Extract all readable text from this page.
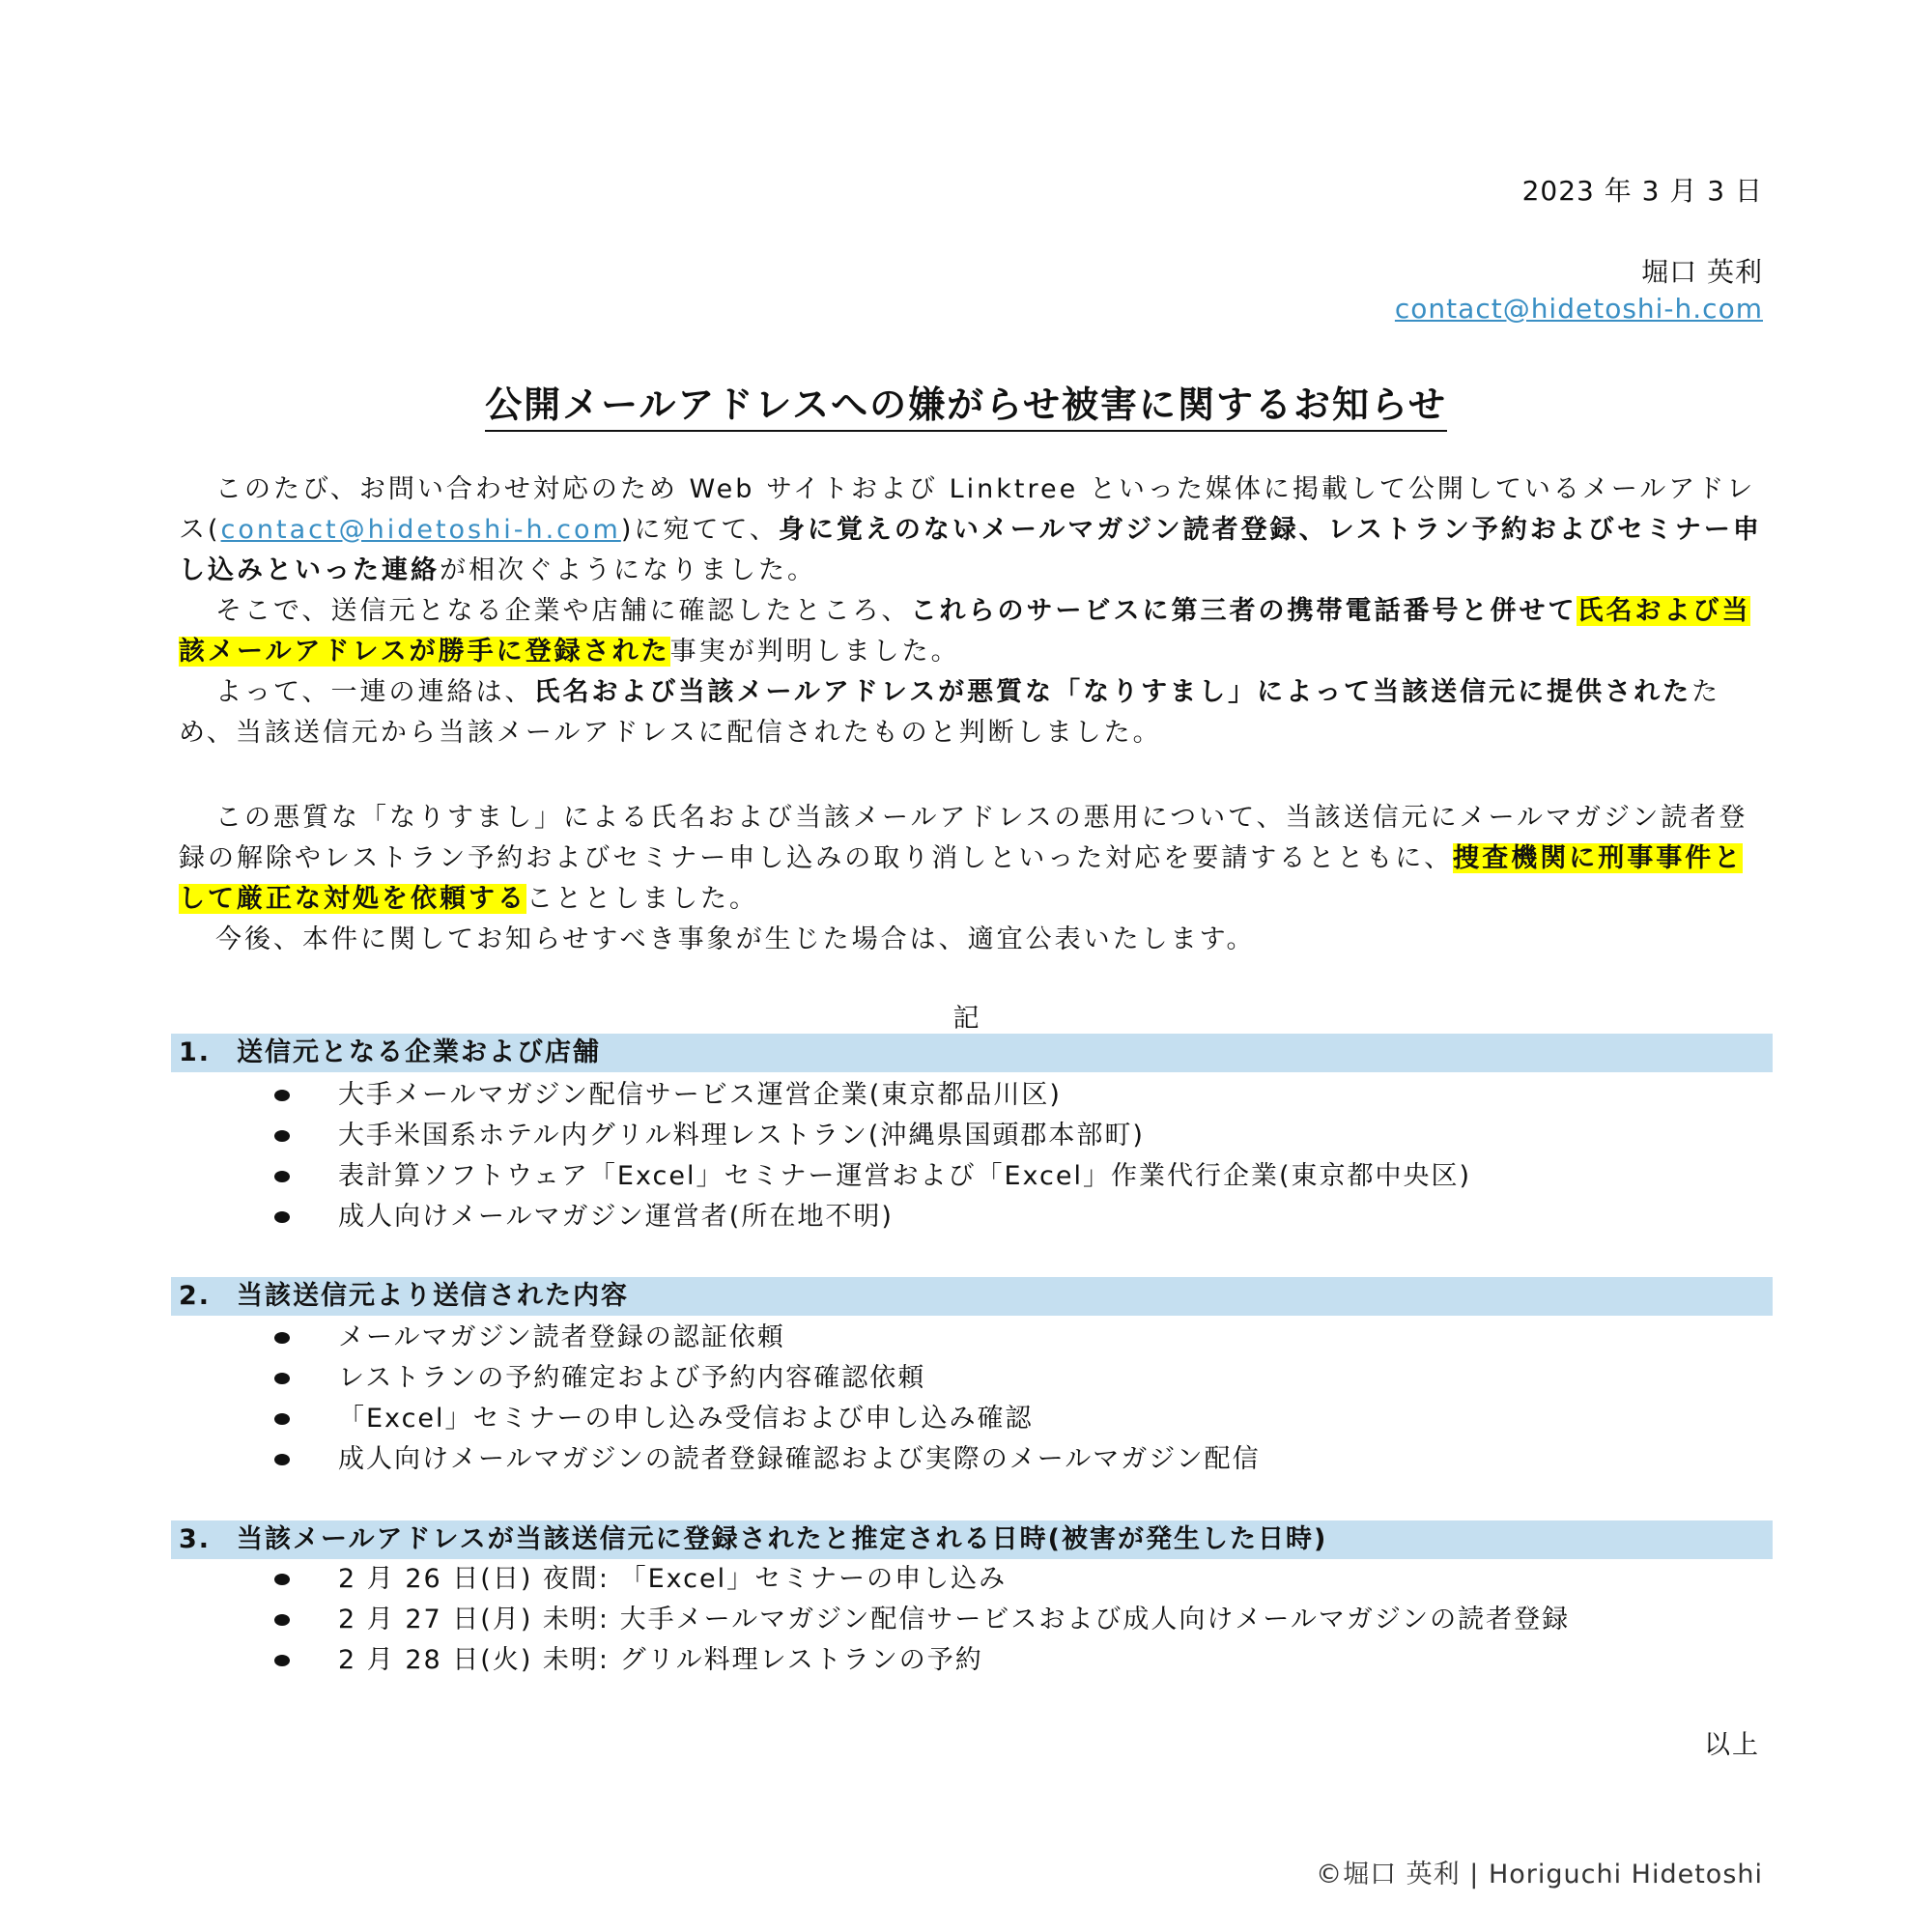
2023 年 3 月 3 日
堀口 英利
contact@hidetoshi-h.com
公開メールアドレスへの嫌がらせ被害に関するお知らせ

このたび、お問い合わせ対応のため Web サイトおよび Linktree といった媒体に掲載して公開しているメールアドレス(contact@hidetoshi-h.com)に宛てて、身に覚えのないメールマガジン読者登録、レストラン予約およびセミナー申し込みといった連絡が相次ぐようになりました。

そこで、送信元となる企業や店舗に確認したところ、これらのサービスに第三者の携帯電話番号と併せて氏名および当該メールアドレスが勝手に登録された事実が判明しました。

よって、一連の連絡は、氏名および当該メールアドレスが悪質な「なりすまし」によって当該送信元に提供されたため、当該送信元から当該メールアドレスに配信されたものと判断しました。

この悪質な「なりすまし」による氏名および当該メールアドレスの悪用について、当該送信元にメールマガジン読者登録の解除やレストラン予約およびセミナー申し込みの取り消しといった対応を要請するとともに、捜査機関に刑事事件として厳正な対処を依頼することとしました。

今後、本件に関してお知らせすべき事象が生じた場合は、適宜公表いたします。

記
1. 送信元となる企業および店舗
大手メールマガジン配信サービス運営企業(東京都品川区)
大手米国系ホテル内グリル料理レストラン(沖縄県国頭郡本部町)
表計算ソフトウェア「Excel」セミナー運営および「Excel」作業代行企業(東京都中央区)
成人向けメールマガジン運営者(所在地不明)
2. 当該送信元より送信された内容
メールマガジン読者登録の認証依頼
レストランの予約確定および予約内容確認依頼
「Excel」セミナーの申し込み受信および申し込み確認
成人向けメールマガジンの読者登録確認および実際のメールマガジン配信
3. 当該メールアドレスが当該送信元に登録されたと推定される日時(被害が発生した日時)
2 月 26 日(日) 夜間: 「Excel」セミナーの申し込み
2 月 27 日(月) 未明: 大手メールマガジン配信サービスおよび成人向けメールマガジンの読者登録
2 月 28 日(火) 未明: グリル料理レストランの予約
以上
©堀口 英利 | Horiguchi Hidetoshi
